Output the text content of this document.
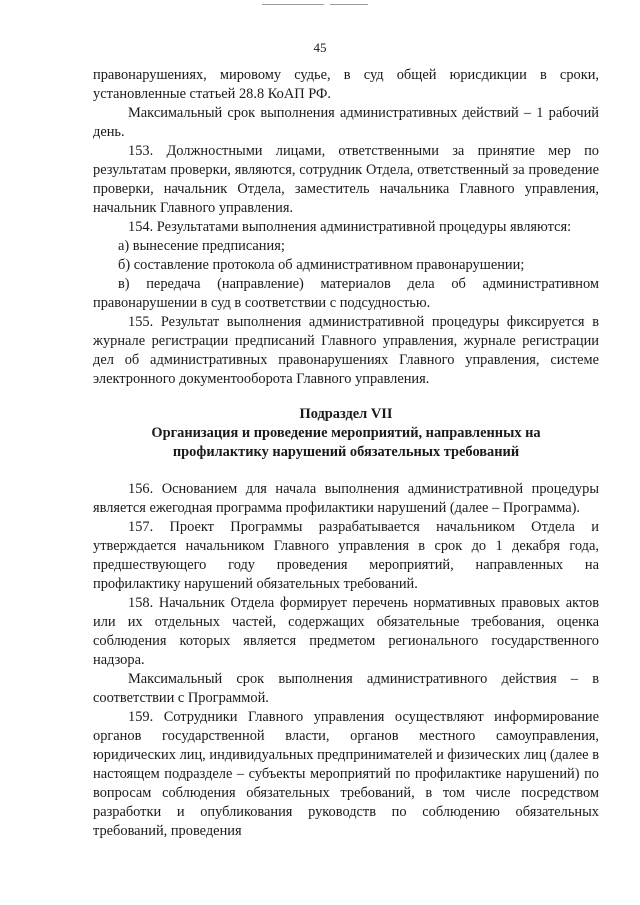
45

правонарушениях, мировому судье, в суд общей юрисдикции в сроки, установленные статьей 28.8 КоАП РФ.

Максимальный срок выполнения административных действий – 1 рабочий день.

153. Должностными лицами, ответственными за принятие мер по результатам проверки, являются, сотрудник Отдела, ответственный за проведение проверки, начальник Отдела, заместитель начальника Главного управления, начальник Главного управления.

154. Результатами выполнения административной процедуры являются:

а) вынесение предписания;

б) составление протокола об административном правонарушении;

в) передача (направление) материалов дела об административном правонарушении в суд в соответствии с подсудностью.

155. Результат выполнения административной процедуры фиксируется в журнале регистрации предписаний Главного управления, журнале регистрации дел об административных правонарушениях Главного управления, системе электронного документооборота Главного управления.

Подраздел VII
Организация и проведение мероприятий, направленных на
профилактику нарушений обязательных требований

156. Основанием для начала выполнения административной процедуры является ежегодная программа профилактики нарушений (далее – Программа).

157. Проект Программы разрабатывается начальником Отдела и утверждается начальником Главного управления в срок до 1 декабря года, предшествующего году проведения мероприятий, направленных на профилактику нарушений обязательных требований.

158. Начальник Отдела формирует перечень нормативных правовых актов или их отдельных частей, содержащих обязательные требования, оценка соблюдения которых является предметом регионального государственного надзора.

Максимальный срок выполнения административного действия – в соответствии с Программой.

159. Сотрудники Главного управления осуществляют информирование органов государственной власти, органов местного самоуправления, юридических лиц, индивидуальных предпринимателей и физических лиц (далее в настоящем подразделе – субъекты мероприятий по профилактике нарушений) по вопросам соблюдения обязательных требований, в том числе посредством разработки и опубликования руководств по соблюдению обязательных требований, проведения
